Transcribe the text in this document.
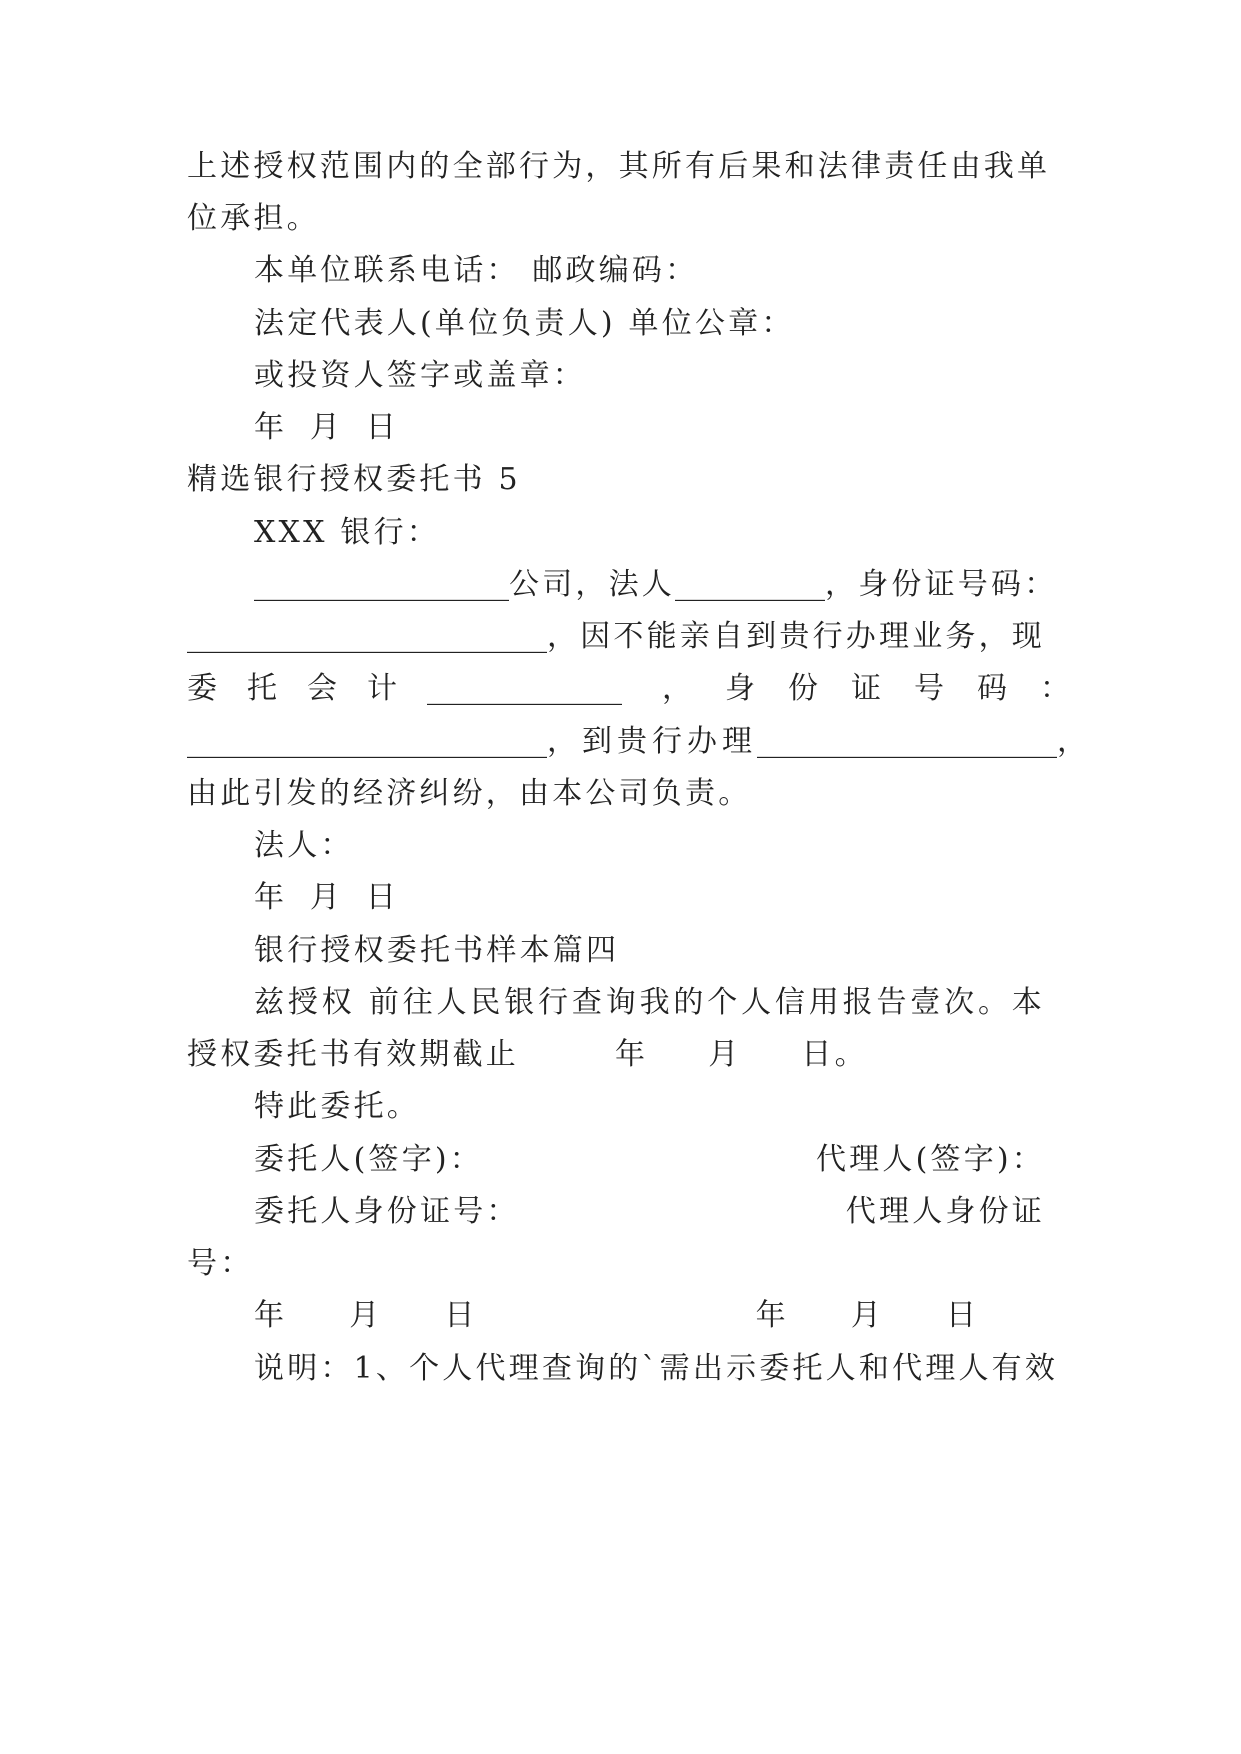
上述授权范围内的全部行为，其所有后果和法律责任由我单

位承担。

本单位联系电话： 邮政编码：

法定代表人(单位负责人) 单位公章：

或投资人签字或盖章：

年 月 日

精选银行授权委托书 5

XXX 银行：

_________________公司，法人__________，身份证号码：
________________________，因不能亲自到贵行办理业务，现
委托会计_____________ ，身份证号码：
________________________，到贵行办理____________________，

由此引发的经济纠纷，由本公司负责。

法人：

年 月 日

银行授权委托书样本篇四

兹授权 前往人民银行查询我的个人信用报告壹次。本

授权委托书有效期截止	年 月 日。

特此委托。

委托人(签字)：	代理人(签字)：
委托人身份证号：	代理人身份证

号：

年 月 日	年 月 日

说明：1、个人代理查询的`需出示委托人和代理人有效
